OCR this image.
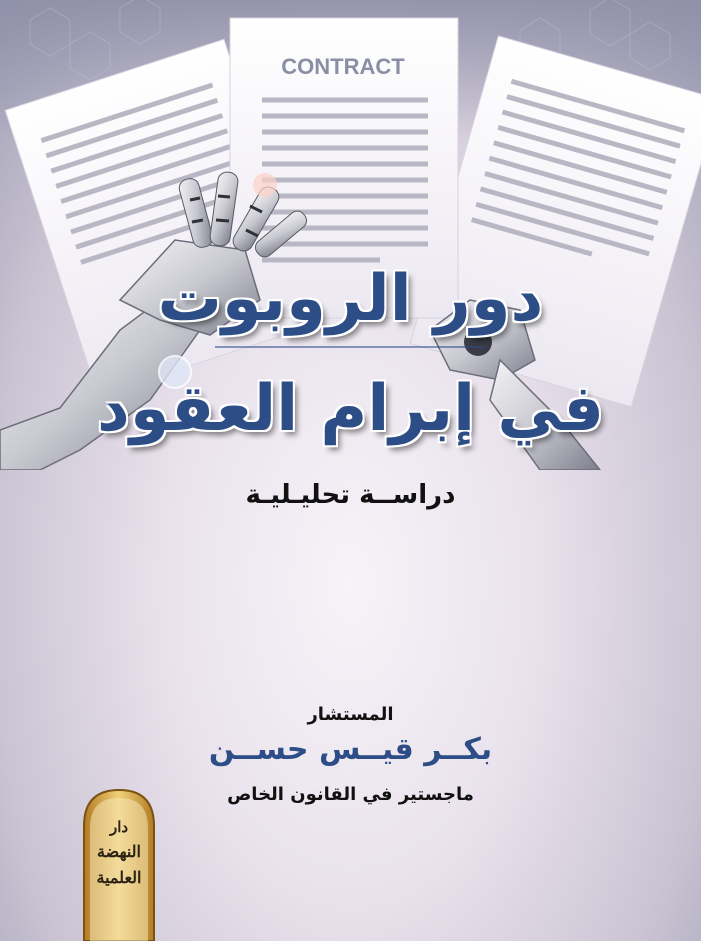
CONTRACT
دور الروبوت
في إبرام العقود
دراســة تحليـليـة
المستشار
بكــر قيــس حســن
ماجستير في القانون الخاص
دار
النهضة
العلمية
